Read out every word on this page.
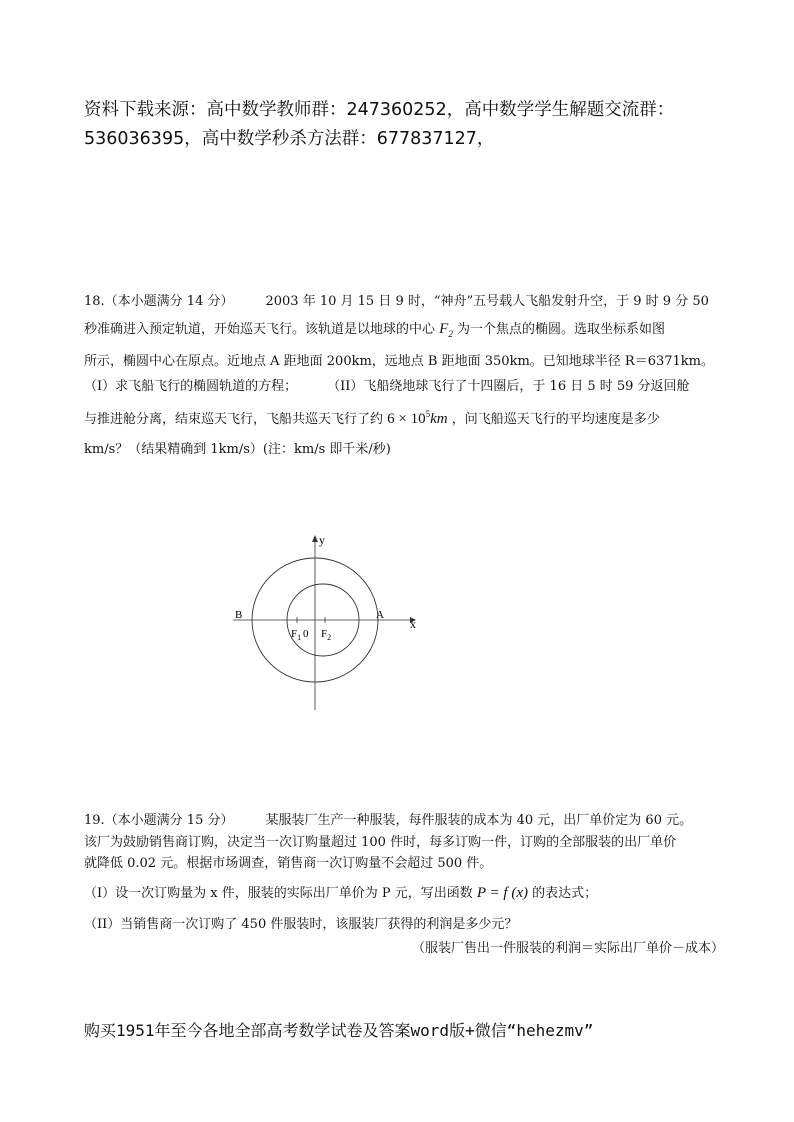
资料下载来源：高中数学教师群：247360252，高中数学学生解题交流群：
536036395，高中数学秒杀方法群：677837127，

18.（本小题满分 14 分） 2003 年 10 月 15 日 9 时，“神舟”五号载人飞船发射升空，于 9 时 9 分 50

秒准确进入预定轨道，开始巡天飞行。该轨道是以地球的中心 $F_2$ 为一个焦点的椭圆。选取坐标系如图

所示，椭圆中心在原点。近地点 A 距地面 200km，远地点 B 距地面 350km。已知地球半径 R＝6371km。

（I）求飞船飞行的椭圆轨道的方程； （II）飞船绕地球飞行了十四圈后，于 16 日 5 时 59 分返回舱

与推进舱分离，结束巡天飞行，飞船共巡天飞行了约 $6 \times 10^5km$ ，问飞船巡天飞行的平均速度是多少

km/s？（结果精确到 1km/s）(注：km/s 即千米/秒)

y
x
B	A
$F_1$ 0 $F_2$

19.（本小题满分 15 分） 某服装厂生产一种服装，每件服装的成本为 40 元，出厂单价定为 60 元。

该厂为鼓励销售商订购，决定当一次订购量超过 100 件时，每多订购一件，订购的全部服装的出厂单价

就降低 0.02 元。根据市场调查，销售商一次订购量不会超过 500 件。

（I）设一次订购量为 x 件，服装的实际出厂单价为 P 元，写出函数 P = f (x) 的表达式；

（II）当销售商一次订购了 450 件服装时，该服装厂获得的利润是多少元？

（服装厂售出一件服装的利润＝实际出厂单价－成本）

购买1951年至今各地全部高考数学试卷及答案word版+微信“hehezmv”
